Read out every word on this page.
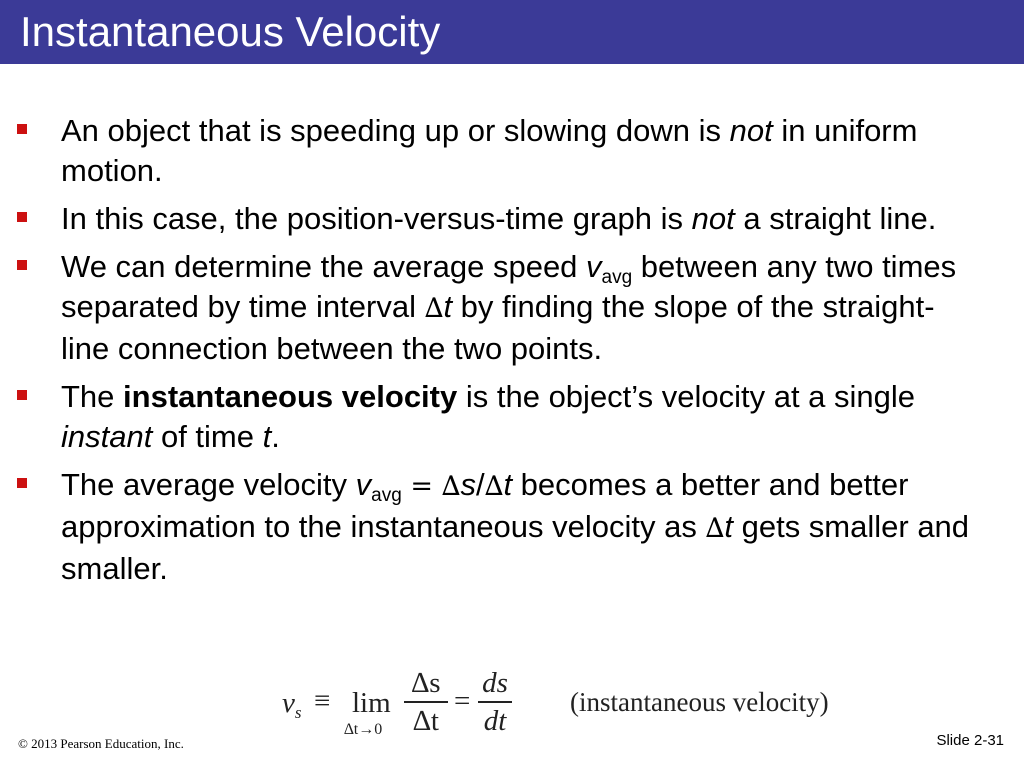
Instantaneous Velocity
An object that is speeding up or slowing down is not in uniform motion.
In this case, the position-versus-time graph is not a straight line.
We can determine the average speed $v_{avg}$ between any two times separated by time interval ∆t by finding the slope of the straight-line connection between the two points.
The instantaneous velocity is the object’s velocity at a single instant of time t.
The average velocity $v_{avg} = \Delta s/\Delta t$ becomes a better and better approximation to the instantaneous velocity as ∆t gets smaller and smaller.
$v_s \equiv \lim$
∆t→0
∆s
∆t
=
ds
dt
(instantaneous velocity)
© 2013 Pearson Education, Inc.	Slide 2-31
